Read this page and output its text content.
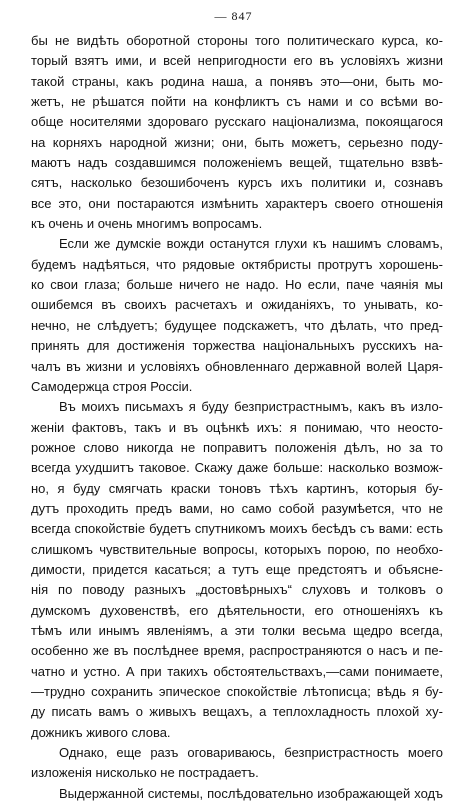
— 847
бы не видѣть оборотной стороны того политическаго курса, ко-
торый взятъ ими, и всей непригодности его въ условіяхъ жизни
такой страны, какъ родина наша, а понявъ это—они, быть мо-
жетъ, не рѣшатся пойти на конфликтъ съ нами и со всѣми во-
обще носителями здороваго русскаго націонализма, покоящагося
на корняхъ народной жизни; они, быть можетъ, серьезно поду-
маютъ надъ создавшимся положеніемъ вещей, тщательно взвѣ-
сятъ, насколько безошибоченъ курсъ ихъ политики и, сознавъ
все это, они постараются измѣнить характеръ своего отношенія
къ очень и очень многимъ вопросамъ.
Если же думскіе вожди останутся глухи къ нашимъ словамъ,
будемъ надѣяться, что рядовые октябристы протрутъ хорошень-
ко свои глаза; больше ничего не надо. Но если, паче чаянія мы
ошибемся въ своихъ расчетахъ и ожиданіяхъ, то унывать, ко-
нечно, не слѣдуетъ; будущее подскажетъ, что дѣлать, что пред-
принять для достиженія торжества національныхъ русскихъ на-
чалъ въ жизни и условіяхъ обновленнаго державной волей Царя-
Самодержца строя Россіи.
Въ моихъ письмахъ я буду безпристрастнымъ, какъ въ изло-
женіи фактовъ, такъ и въ оцѣнкѣ ихъ: я понимаю, что неосто-
рожное слово никогда не поправитъ положенія дѣлъ, но за то
всегда ухудшитъ таковое. Скажу даже больше: насколько возмож-
но, я буду смягчать краски тоновъ тѣхъ картинъ, которыя бу-
дутъ проходить предъ вами, но само собой разумѣется, что не
всегда спокойствіе будетъ спутникомъ моихъ бесѣдъ съ вами: есть
слишкомъ чувствительные вопросы, которыхъ порою, по необхо-
димости, придется касаться; а тутъ еще предстоятъ и объясне-
нія по поводу разныхъ „достовѣрныхъ“ слуховъ и толковъ о
думскомъ духовенствѣ, его дѣятельности, его отношеніяхъ къ
тѣмъ или инымъ явленіямъ, а эти толки весьма щедро всегда,
особенно же въ послѣднее время, распространяются о насъ и пе-
чатно и устно. А при такихъ обстоятельствахъ,—сами понимаете,
—трудно сохранить эпическое спокойствіе лѣтописца; вѣдь я бу-
ду писать вамъ о живыхъ вещахъ, а теплохладность плохой ху-
дожникъ живого слова.
Однако, еще разъ оговариваюсь, безпристрастность моего
изложенія нисколько не пострадаетъ.
Выдержанной системы, послѣдовательно изображающей ходъ
